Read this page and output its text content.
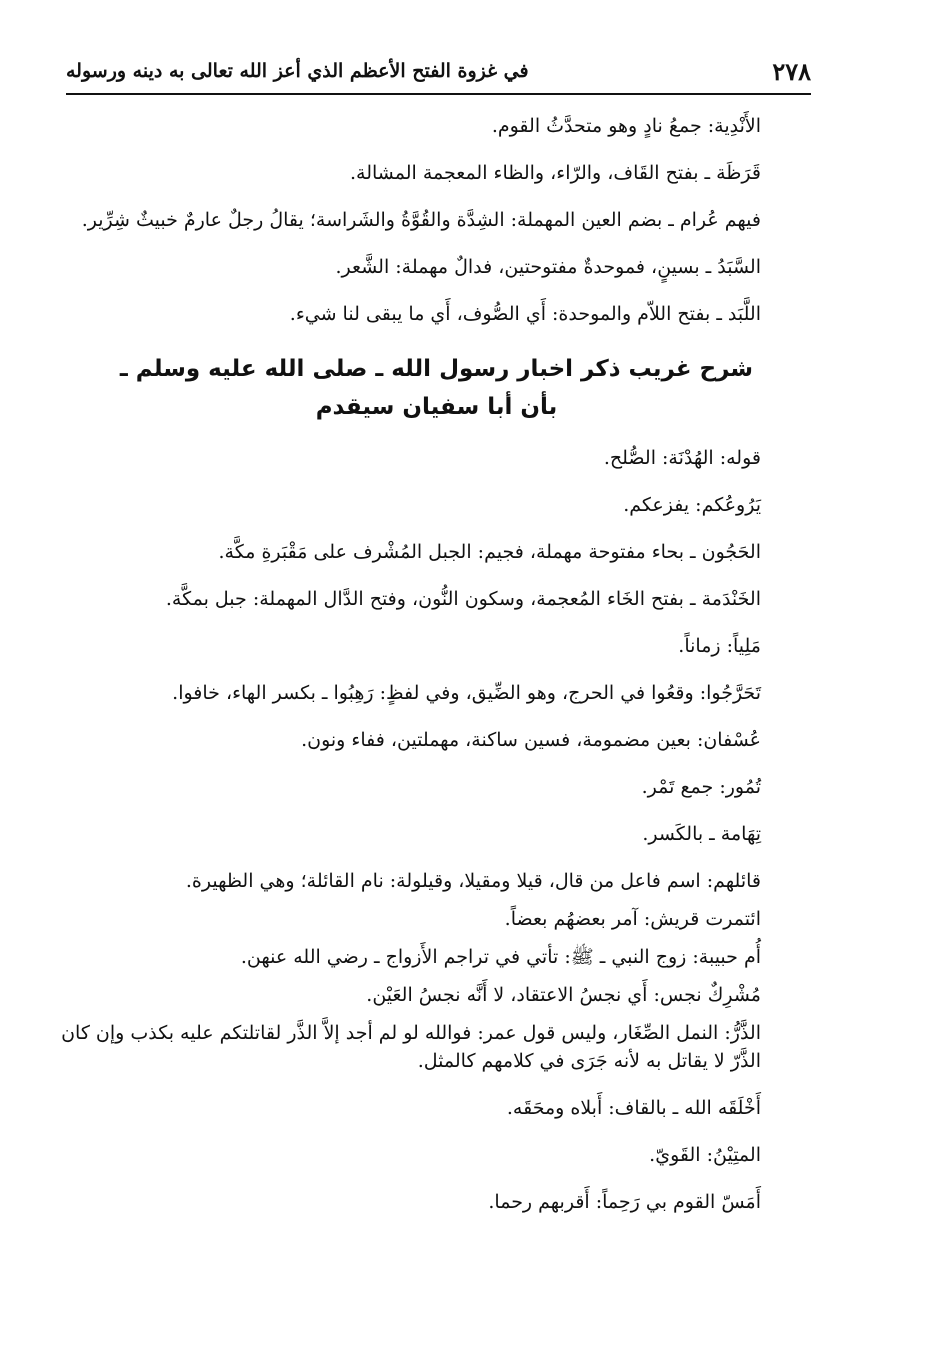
٢٧٨
في غزوة الفتح الأعظم الذي أعز الله تعالى به دينه ورسوله

الأَنْدِية: جمعُ نادٍ وهو متحدَّثُ القوم.

قَرَظَة ـ بفتح القَاف، والرّاء، والظاء المعجمة المشالة.

فيهم عُرام ـ بضم العين المهملة: الشِدَّة والقُوَّةُ والشَراسة؛ يقالُ رجلٌ عارمٌ خبيثٌ شِرِّير.

السَّبَدُ ـ بسينٍ، فموحدةٌ مفتوحتين، فدالٌ مهملة: الشَّعر.

اللَّبَد ـ بفتح اللاّم والموحدة: أَي الصُّوف، أَي ما يبقى لنا شيء.

شرح غريب ذكر اخبار رسول الله ـ صلى الله عليه وسلم ـ

بأن أبا سفيان سيقدم

قوله: الهُدْنَة: الصُّلح.

يَرُوعُكم: يفزعكم.

الحَجُون ـ بحاء مفتوحة مهملة، فجيم: الجبل المُشْرف على مَقْبَرةِ مكَّة.

الخَنْدَمة ـ بفتح الخَاء المُعجمة، وسكون النُّون، وفتح الدَّال المهملة: جبل بمكَّة.

مَلِياً: زماناً.

تَحَرَّجُوا: وقعُوا في الحرج، وهو الضِّيق، وفي لفظٍ: رَهِبُوا ـ بكسر الهاء، خافوا.

عُسْفان: بعين مضمومة، فسين ساكنة، مهملتين، ففاء ونون.

تُمُور: جمع تَمْر.

تِهَامة ـ بالكَسر.

قائلهم: اسم فاعل من قال، قيلا ومقيلا، وقيلولة: نام القائلة؛ وهي الظهيرة.

ائتمرت قريش: آمر بعضهُم بعضاً.

أُم حبيبة: زوج النبي ـ ﷺ: تأتي في تراجم الأَزواج ـ رضي الله عنهن.

مُشْرِكٌ نجس: أَي نجسُ الاعتقاد، لا أَنَّه نجسُ العَيْن.

الذَّرُّ: النمل الصِّغَار، وليس قول عمر: فوالله لو لم أجد إلاَّ الذَّر لقاتلتكم عليه بكذب وإن كان الذَّرّ لا يقاتل به لأنه جَرَى في كلامهم كالمثل.

أَخْلَقَه الله ـ بالقاف: أَبلاه ومحَقَه.

المتِيْنُ: القَويّ.

أَمَسّ القوم بي رَحِماً: أَقربهم رحما.
